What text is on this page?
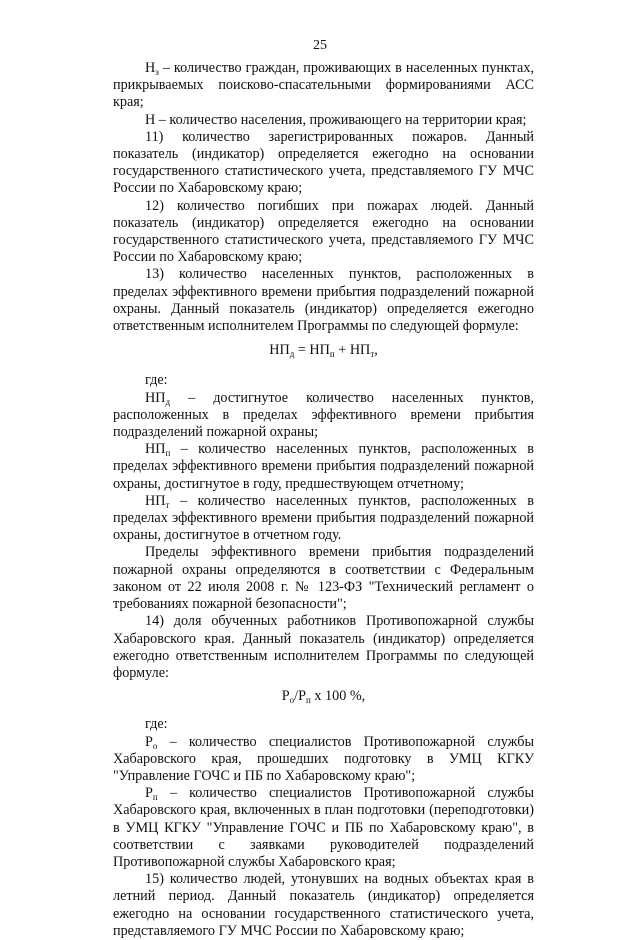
25

$Н_з$ – количество граждан, проживающих в населенных пунктах, прикрываемых поисково-спасательными формированиями АСС края;

Н – количество населения, проживающего на территории края;

11) количество зарегистрированных пожаров. Данный показатель (индикатор) определяется ежегодно на основании государственного статистического учета, представляемого ГУ МЧС России по Хабаровскому краю;

12) количество погибших при пожарах людей. Данный показатель (индикатор) определяется ежегодно на основании государственного статистического учета, представляемого ГУ МЧС России по Хабаровскому краю;

13) количество населенных пунктов, расположенных в пределах эффективного времени прибытия подразделений пожарной охраны. Данный показатель (индикатор) определяется ежегодно ответственным исполнителем Программы по следующей формуле:

$НП_д = НП_п + НП_т$,

где:

$НП_д$ – достигнутое количество населенных пунктов, расположенных в пределах эффективного времени прибытия подразделений пожарной охраны;

$НП_п$ – количество населенных пунктов, расположенных в пределах эффективного времени прибытия подразделений пожарной охраны, достигнутое в году, предшествующем отчетному;

$НП_т$ – количество населенных пунктов, расположенных в пределах эффективного времени прибытия подразделений пожарной охраны, достигнутое в отчетном году.

Пределы эффективного времени прибытия подразделений пожарной охраны определяются в соответствии с Федеральным законом от 22 июля 2008 г. № 123-ФЗ "Технический регламент о требованиях пожарной безопасности";

14) доля обученных работников Противопожарной службы Хабаровского края. Данный показатель (индикатор) определяется ежегодно ответственным исполнителем Программы по следующей формуле:

$Р_о/Р_п$ х 100 %,

где:

$Р_о$ – количество специалистов Противопожарной службы Хабаровского края, прошедших подготовку в УМЦ КГКУ "Управление ГОЧС и ПБ по Хабаровскому краю";

$Р_п$ – количество специалистов Противопожарной службы Хабаровского края, включенных в план подготовки (переподготовки) в УМЦ КГКУ "Управление ГОЧС и ПБ по Хабаровскому краю", в соответствии с заявками руководителей подразделений Противопожарной службы Хабаровского края;

15) количество людей, утонувших на водных объектах края в летний период. Данный показатель (индикатор) определяется ежегодно на основании государственного статистического учета, представляемого ГУ МЧС России по Хабаровскому краю;
